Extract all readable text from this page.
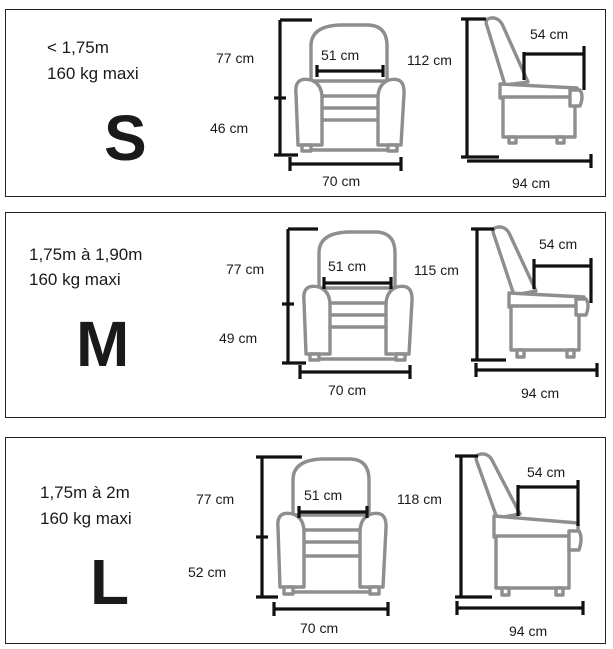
< 1,75m
160 kg maxi
S
77 cm
46 cm
51 cm
70 cm
112 cm
54 cm
94 cm
1,75m à 1,90m
160 kg maxi
M
77 cm
49 cm
51 cm
70 cm
115 cm
54 cm
94 cm
1,75m à 2m
160 kg maxi
L
77 cm
52 cm
51 cm
70 cm
118 cm
54 cm
94 cm
